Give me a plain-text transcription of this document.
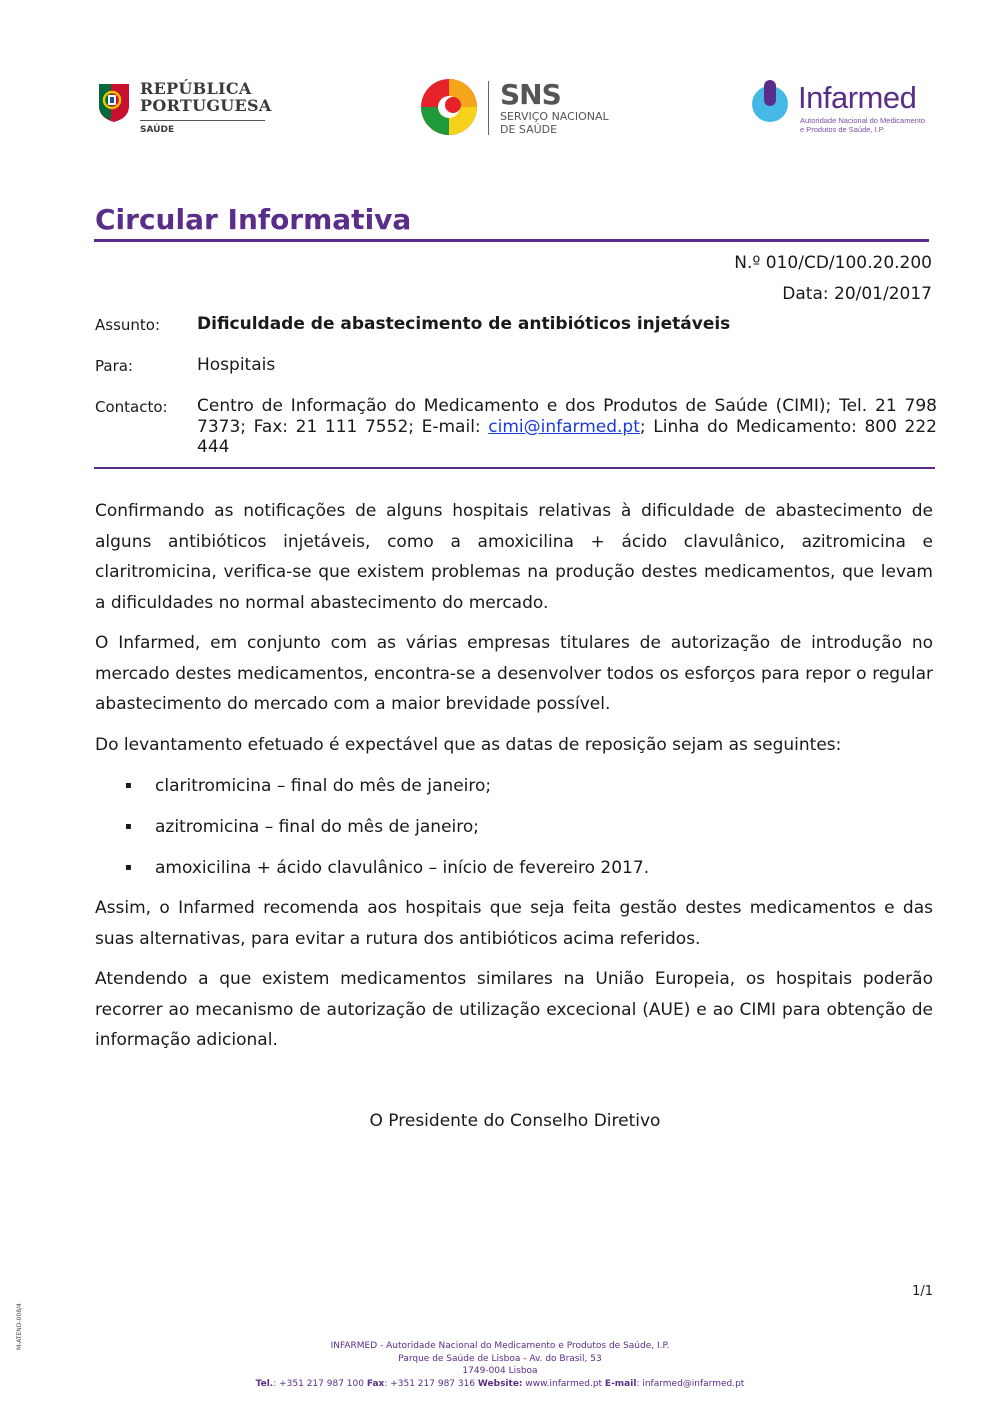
REPÚBLICA
PORTUGUESA
SAÚDE
SNS
SERVIÇO NACIONAL
DE SAÚDE
Infarmed
Autoridade Nacional do Medicamento
e Produtos de Saúde, I.P.
Circular Informativa
N.º 010/CD/100.20.200
Data: 20/01/2017
Assunto: Dificuldade de abastecimento de antibióticos injetáveis
Para:	Hospitais
Contacto: Centro de Informação do Medicamento e dos Produtos de Saúde (CIMI); Tel. 21 798 7373; Fax: 21 111 7552; E-mail: cimi@infarmed.pt; Linha do Medicamento: 800 222 444

Confirmando as notificações de alguns hospitais relativas à dificuldade de abastecimento de alguns antibióticos injetáveis, como a amoxicilina + ácido clavulânico, azitromicina e claritromicina, verifica-se que existem problemas na produção destes medicamentos, que levam a dificuldades no normal abastecimento do mercado.

O Infarmed, em conjunto com as várias empresas titulares de autorização de introdução no mercado destes medicamentos, encontra-se a desenvolver todos os esforços para repor o regular abastecimento do mercado com a maior brevidade possível.

Do levantamento efetuado é expectável que as datas de reposição sejam as seguintes:

▪ claritromicina – final do mês de janeiro;
▪ azitromicina – final do mês de janeiro;
▪ amoxicilina + ácido clavulânico – início de fevereiro 2017.

Assim, o Infarmed recomenda aos hospitais que seja feita gestão destes medicamentos e das suas alternativas, para evitar a rutura dos antibióticos acima referidos.

Atendendo a que existem medicamentos similares na União Europeia, os hospitais poderão recorrer ao mecanismo de autorização de utilização excecional (AUE) e ao CIMI para obtenção de informação adicional.

O Presidente do Conselho Diretivo
1/1
M-ATEND-008/4	INFARMED - Autoridade Nacional do Medicamento e Produtos de Saúde, I.P.
Parque de Saúde de Lisboa - Av. do Brasil, 53
1749-004 Lisboa
Tel.: +351 217 987 100 Fax: +351 217 987 316 Website: www.infarmed.pt E-mail: infarmed@infarmed.pt
